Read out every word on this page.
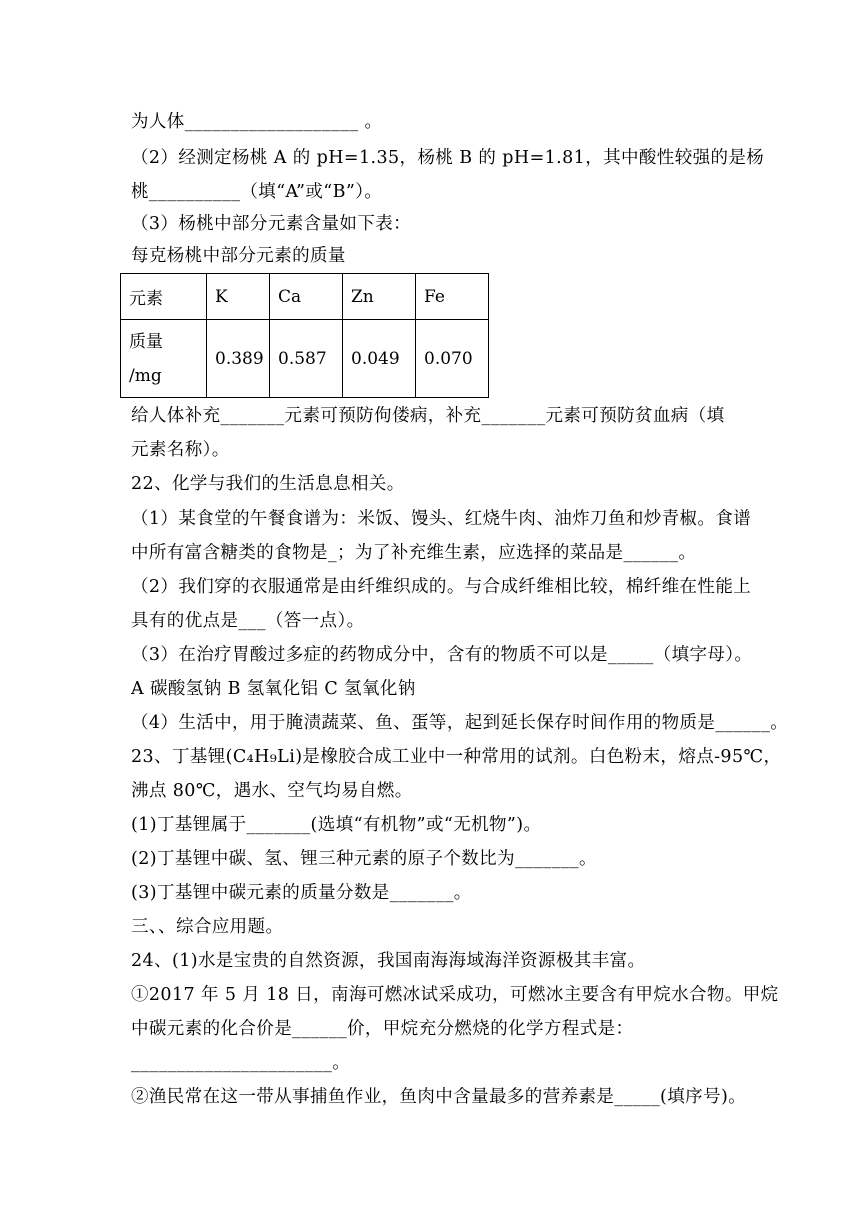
为人体___________________ 。
（2）经测定杨桃 A 的 pH=1.35，杨桃 B 的 pH=1.81，其中酸性较强的是杨
桃__________（填“A”或“B”）。
（3）杨桃中部分元素含量如下表：
每克杨桃中部分元素的质量
元素	K	Ca	Zn	Fe

质量
/mg	0.389	0.587	0.049	0.070
给人体补充_______元素可预防佝偻病，补充_______元素可预防贫血病（填
元素名称）。
22、化学与我们的生活息息相关。
（1）某食堂的午餐食谱为：米饭、馒头、红烧牛肉、油炸刀鱼和炒青椒。食谱
中所有富含糖类的食物是_；为了补充维生素，应选择的菜品是______。
（2）我们穿的衣服通常是由纤维织成的。与合成纤维相比较，棉纤维在性能上
具有的优点是___（答一点）。
（3）在治疗胃酸过多症的药物成分中，含有的物质不可以是_____（填字母）。
A 碳酸氢钠 B 氢氧化铝 C 氢氧化钠
（4）生活中，用于腌渍蔬菜、鱼、蛋等，起到延长保存时间作用的物质是______。
23、丁基锂(C₄H₉Li)是橡胶合成工业中一种常用的试剂。白色粉末，熔点-95℃，
沸点 80℃，遇水、空气均易自燃。
(1)丁基锂属于_______(选填“有机物”或“无机物”)。
(2)丁基锂中碳、氢、锂三种元素的原子个数比为_______。
(3)丁基锂中碳元素的质量分数是_______。
三、、综合应用题。
24、(1)水是宝贵的自然资源，我国南海海域海洋资源极其丰富。
①2017 年 5 月 18 日，南海可燃冰试采成功，可燃冰主要含有甲烷水合物。甲烷
中碳元素的化合价是______价，甲烷充分燃烧的化学方程式是：
______________________。
②渔民常在这一带从事捕鱼作业，鱼肉中含量最多的营养素是_____(填序号)。
